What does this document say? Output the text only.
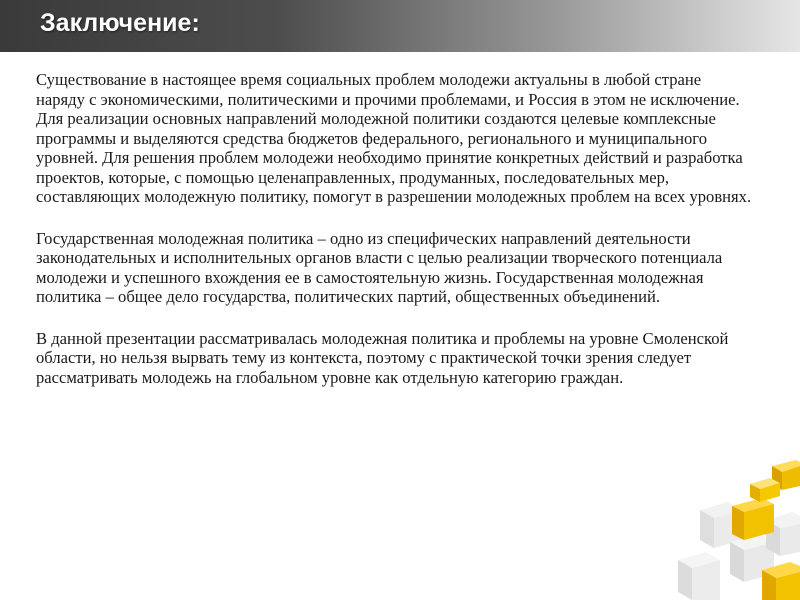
Заключение:

Существование в настоящее время социальных проблем молодежи актуальны в любой стране наряду с экономическими, политическими и прочими проблемами, и Россия в этом не исключение. Для реализации основных направлений молодежной политики создаются целевые комплексные программы и выделяются средства бюджетов федерального, регионального и муниципального уровней. Для решения проблем молодежи необходимо принятие конкретных действий и разработка проектов, которые, с помощью целенаправленных, продуманных, последовательных мер, составляющих молодежную политику, помогут в разрешении молодежных проблем на всех уровнях.

Государственная молодежная политика – одно из специфических направлений деятельности законодательных и исполнительных органов власти с целью реализации творческого потенциала молодежи и успешного вхождения ее в самостоятельную жизнь. Государственная молодежная политика – общее дело государства, политических партий, общественных объединений.

В данной презентации рассматривалась молодежная политика и проблемы на уровне Смоленской области, но нельзя вырвать тему из контекста, поэтому с практической точки зрения следует рассматривать молодежь на глобальном уровне как отдельную категорию граждан.
